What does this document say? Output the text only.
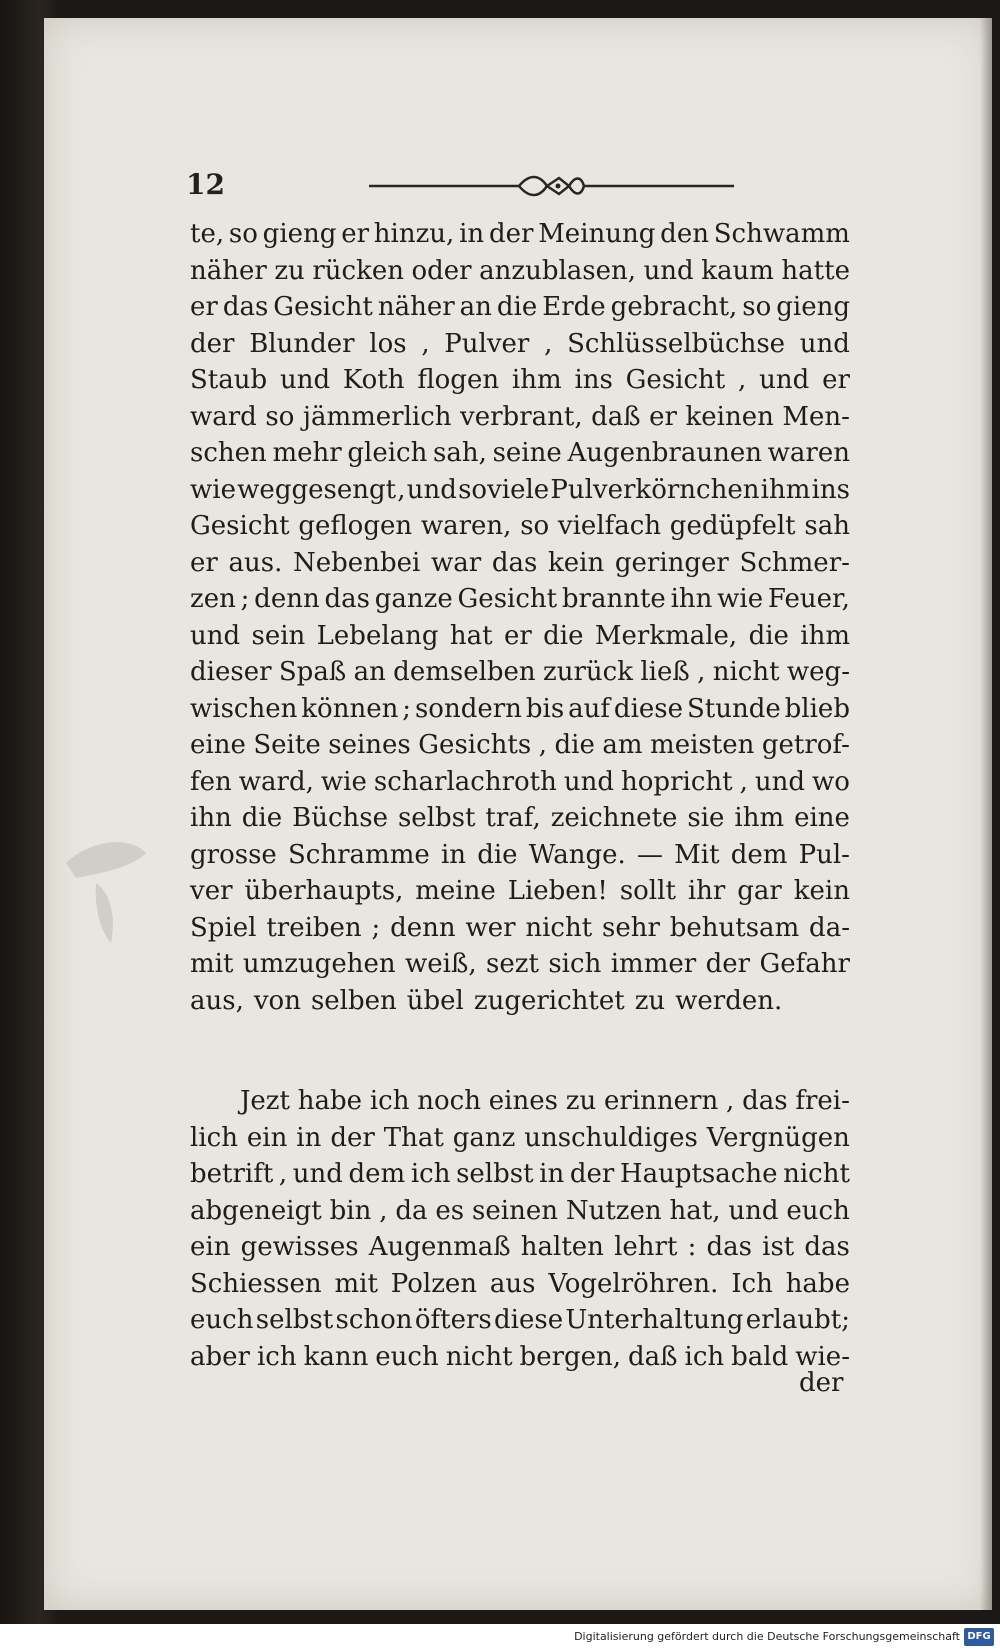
12
te, so gieng er hinzu, in der Meinung den Schwamm
näher zu rücken oder anzublasen, und kaum hatte
er das Gesicht näher an die Erde gebracht, so gieng
der Blunder los , Pulver , Schlüsselbüchse und
Staub und Koth flogen ihm ins Gesicht , und er
ward so jämmerlich verbrant, daß er keinen Men-
schen mehr gleich sah, seine Augenbraunen waren
wie weggesengt , und soviele Pulverkörnchen ihm ins
Gesicht geflogen waren, so vielfach gedüpfelt sah
er aus. Nebenbei war das kein geringer Schmer-
zen ; denn das ganze Gesicht brannte ihn wie Feuer,
und sein Lebelang hat er die Merkmale, die ihm
dieser Spaß an demselben zurück ließ , nicht weg-
wischen können ; sondern bis auf diese Stunde blieb
eine Seite seines Gesichts , die am meisten getrof-
fen ward, wie scharlachroth und hopricht , und wo
ihn die Büchse selbst traf, zeichnete sie ihm eine
grosse Schramme in die Wange. — Mit dem Pul-
ver überhaupts, meine Lieben! sollt ihr gar kein
Spiel treiben ; denn wer nicht sehr behutsam da-
mit umzugehen weiß, sezt sich immer der Gefahr
aus, von selben übel zugerichtet zu werden.
Jezt habe ich noch eines zu erinnern , das frei-
lich ein in der That ganz unschuldiges Vergnügen
betrift , und dem ich selbst in der Hauptsache nicht
abgeneigt bin , da es seinen Nutzen hat, und euch
ein gewisses Augenmaß halten lehrt : das ist das
Schiessen mit Polzen aus Vogelröhren. Ich habe
euch selbst schon öfters diese Unterhaltung erlaubt;
aber ich kann euch nicht bergen, daß ich bald wie-
der
Digitalisierung gefördert durch die Deutsche Forschungsgemeinschaft DFG
